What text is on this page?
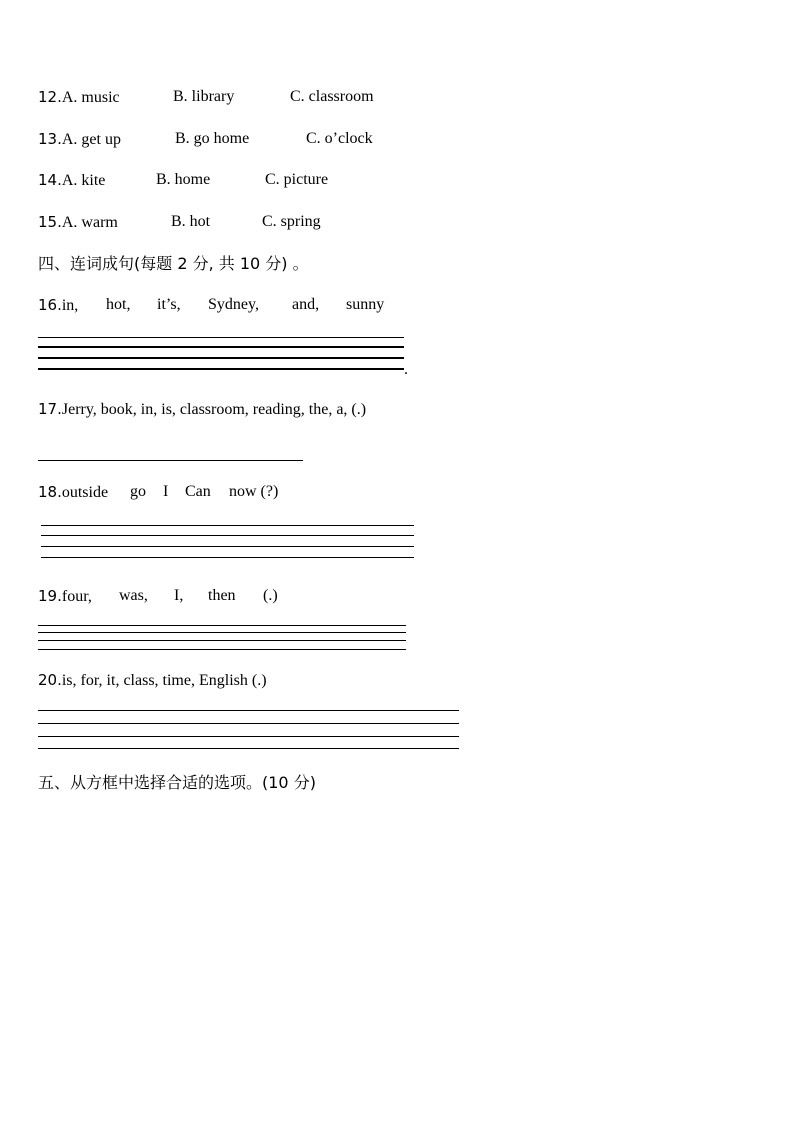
12.A. music	B. library	C. classroom
13.A. get up	B. go home	C. o’clock
14.A. kite	B. home	C. picture
15.A. warm	B. hot	C. spring
四、连词成句(每题 2 分, 共 10 分) 。
16.in, hot, it’s, Sydney, and, sunny
.
17.Jerry, book, in, is, classroom, reading, the, a, (.)
18.outside go I Can now (?)
19.four, was, I, then (.)
20.is, for, it, class, time, English (.)
五、从方框中选择合适的选项。(10 分)
